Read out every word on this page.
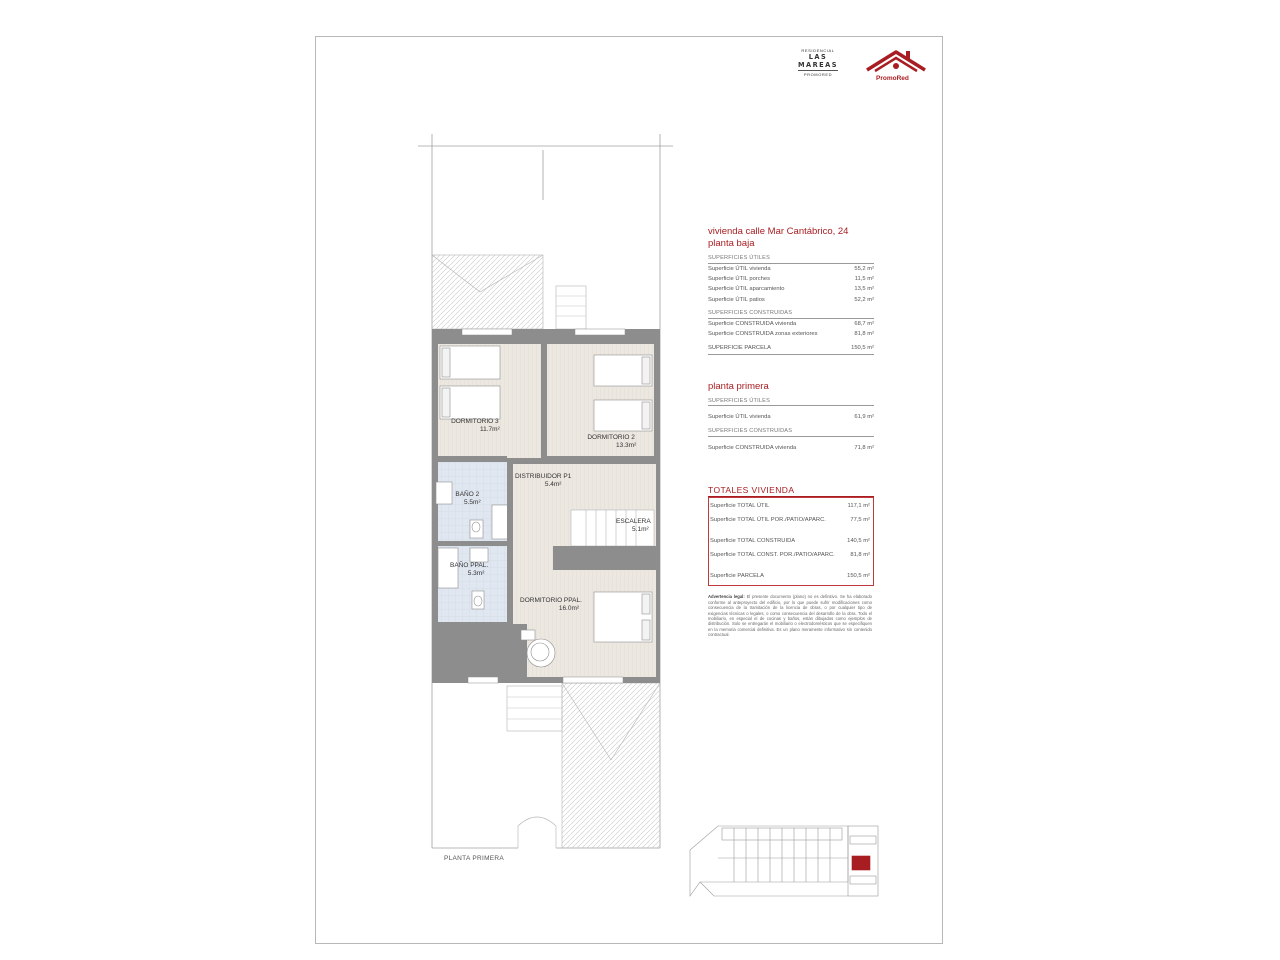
RESIDENCIAL
LAS
MAREAS
PROMORED
PromoRed
DORMITORIO 3
11.7m²
DORMITORIO 2
13.3m²
DISTRIBUIDOR P1
5.4m²
BAÑO 2
5.5m²
ESCALERA
5.1m²
BAÑO PPAL.
5.3m²
DORMITORIO PPAL.
16.0m²
PLANTA PRIMERA
vivienda calle Mar Cantábrico, 24
planta baja
SUPERFICIES ÚTILES
Superficie ÚTIL vivienda	55,2 m²
Superficie ÚTIL porches	11,5 m²
Superficie ÚTIL aparcamiento	13,5 m²
Superficie ÚTIL patios	52,2 m²
SUPERFICIES CONSTRUIDAS
Superficie CONSTRUIDA vivienda	68,7 m²
Superficie CONSTRUIDA zonas exteriores	81,8 m²
SUPERFICIE PARCELA	150,5 m²
planta primera
SUPERFICIES ÚTILES
Superficie ÚTIL vivienda	61,9 m²
SUPERFICIES CONSTRUIDAS
Superficie CONSTRUIDA vivienda	71,8 m²
TOTALES VIVIENDA
Superficie TOTAL ÚTIL	117,1 m²
Superficie TOTAL ÚTIL POR./PATIO/APARC.	77,5 m²
Superficie TOTAL CONSTRUIDA	140,5 m²
Superficie TOTAL CONST. POR./PATIO/APARC.	81,8 m²
Superficie PARCELA	150,5 m²
Advertencia legal: El presente documento (plano) no es definitivo. Se ha elaborado conforme al anteproyecto del edificio, por lo que puede sufrir modificaciones como consecuencia de la tramitación de la licencia de obras, o por cualquier tipo de exigencias técnicas o legales, o como consecuencia del desarrollo de la obra. Todo el mobiliario, en especial el de cocinas y baños, están dibujados como ejemplos de distribución. Solo se entregarán el mobiliario o electrodomésticos que se especifiquen en la memoria comercial definitiva. Es un plano meramente informativo sin contenido contractual.
